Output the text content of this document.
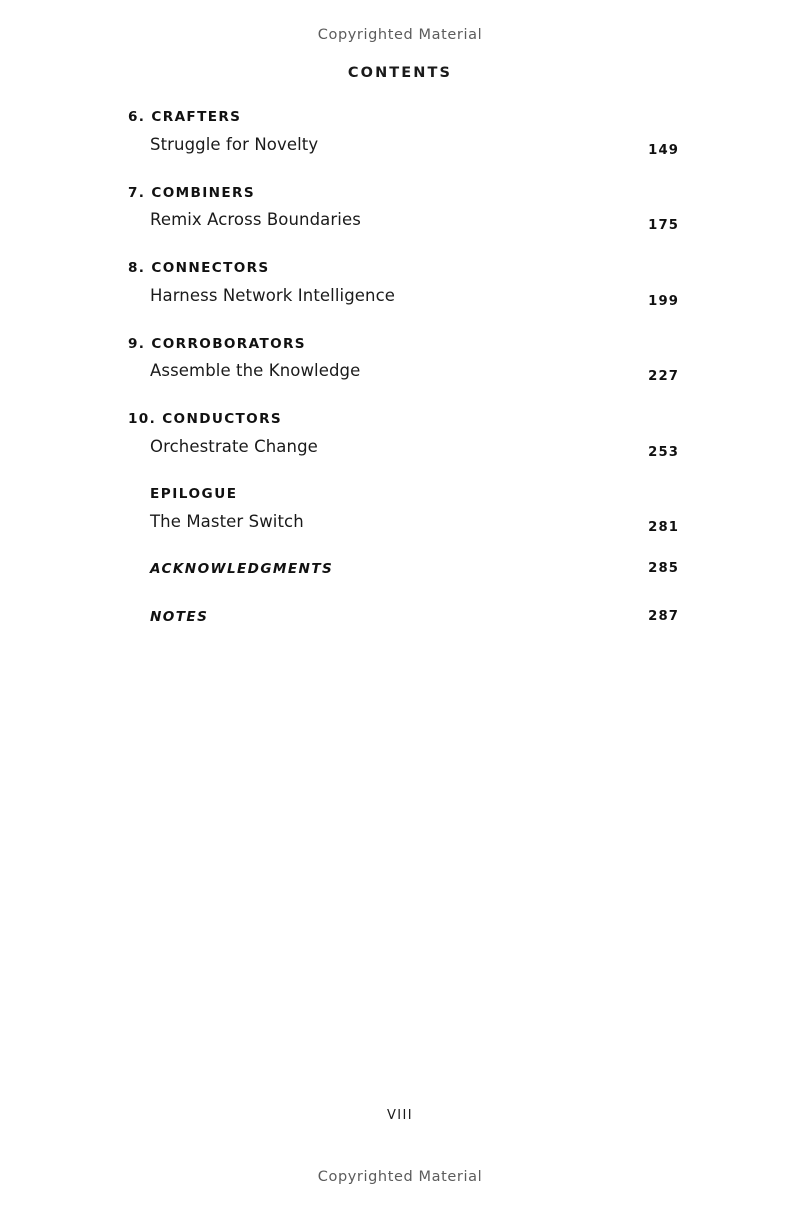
Copyrighted Material
CONTENTS
6. CRAFTERS
Struggle for Novelty	149
7. COMBINERS
Remix Across Boundaries	175
8. CONNECTORS
Harness Network Intelligence	199
9. CORROBORATORS
Assemble the Knowledge	227
10. CONDUCTORS
Orchestrate Change	253
EPILOGUE
The Master Switch	281
ACKNOWLEDGMENTS	285
NOTES	287
VIII
Copyrighted Material
